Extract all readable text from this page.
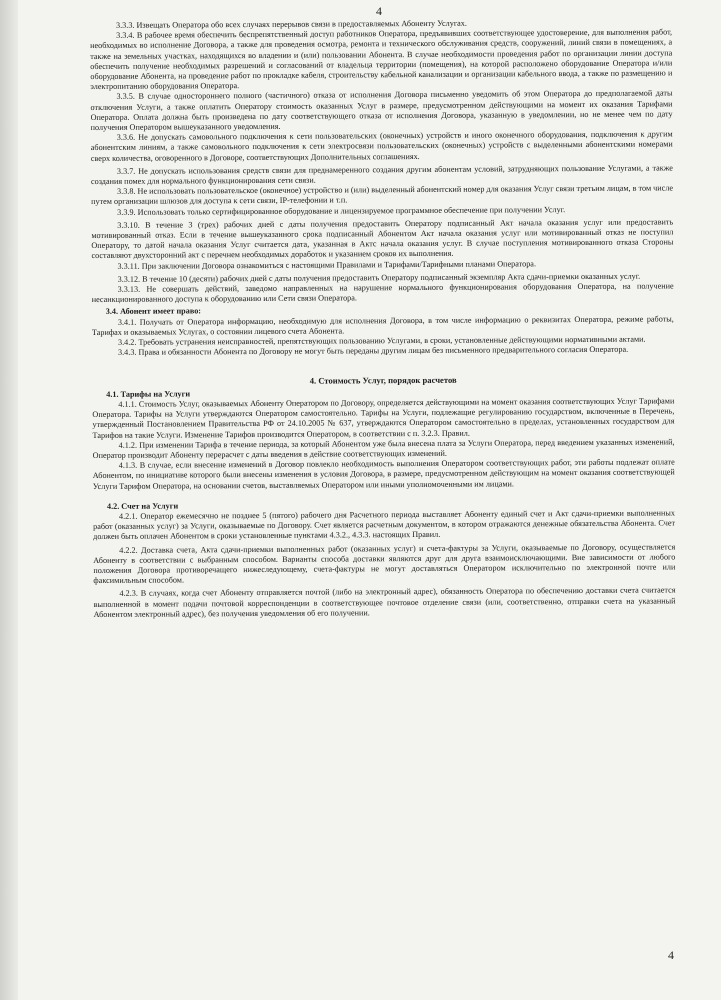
4

3.3.3. Извещать Оператора обо всех случаях перерывов связи в предоставляемых Абоненту Услугах.

3.3.4. В рабочее время обеспечить беспрепятственный доступ работников Оператора, предъявивших соответствующее удостоверение, для выполнения работ, необходимых во исполнение Договора, а также для проведения осмотра, ремонта и технического обслуживания средств, сооружений, линий связи в помещениях, а также на земельных участках, находящихся во владении и (или) пользовании Абонента. В случае необходимости проведения работ по организации линии доступа обеспечить получение необходимых разрешений и согласований от владельца территории (помещения), на которой расположено оборудование Оператора и/или оборудование Абонента, на проведение работ по прокладке кабеля, строительству кабельной канализации и организации кабельного ввода, а также по размещению и электропитанию оборудования Оператора.

3.3.5. В случае одностороннего полного (частичного) отказа от исполнения Договора письменно уведомить об этом Оператора до предполагаемой даты отключения Услуги, а также оплатить Оператору стоимость оказанных Услуг в размере, предусмотренном действующими на момент их оказания Тарифами Оператора. Оплата должна быть произведена по дату соответствующего отказа от исполнения Договора, указанную в уведомлении, но не менее чем по дату получения Оператором вышеуказанного уведомления.

3.3.6. Не допускать самовольного подключения к сети пользовательских (оконечных) устройств и иного оконечного оборудования, подключения к другим абонентским линиям, а также самовольного подключения к сети электросвязи пользовательских (оконечных) устройств с выделенными абонентскими номерами сверх количества, оговоренного в Договоре, соответствующих Дополнительных соглашениях.

3.3.7. Не допускать использования средств связи для преднамеренного создания другим абонентам условий, затрудняющих пользование Услугами, а также создания помех для нормального функционирования сети связи.

3.3.8. Не использовать пользовательское (оконечное) устройство и (или) выделенный абонентский номер для оказания Услуг связи третьим лицам, в том числе путем организации шлюзов для доступа к сети связи, IP-телефонии и т.п.

3.3.9. Использовать только сертифицированное оборудование и лицензируемое программное обеспечение при получении Услуг.

3.3.10. В течение 3 (трех) рабочих дней с даты получения предоставить Оператору подписанный Акт начала оказания услуг или предоставить мотивированный отказ. Если в течение вышеуказанного срока подписанный Абонентом Акт начала оказания услуг или мотивированный отказ не поступил Оператору, то датой начала оказания Услуг считается дата, указанная в Актс начала оказания услуг. В случае поступления мотивированного отказа Стороны составляют двухсторонний акт с перечнем необходимых доработок и указанием сроков их выполнения.

3.3.11. При заключении Договора ознакомиться с настоящими Правилами и Тарифами/Тарифными планами Оператора.

3.3.12. В течение 10 (десяти) рабочих дней с даты получения предоставить Оператору подписанный экземпляр Акта сдачи-приемки оказанных услуг.

3.3.13. Не совершать действий, заведомо направленных на нарушение нормального функционирования оборудования Оператора, на получение несанкционированного доступа к оборудованию или Сети связи Оператора.

3.4. Абонент имеет право:

3.4.1. Получать от Оператора информацию, необходимую для исполнения Договора, в том числе информацию о реквизитах Оператора, режиме работы, Тарифах и оказываемых Услугах, о состоянии лицевого счета Абонента.

3.4.2. Требовать устранения неисправностей, препятствующих пользованию Услугами, в сроки, установленные действующими нормативными актами.

3.4.3. Права и обязанности Абонента по Договору не могут быть переданы другим лицам без письменного предварительного согласия Оператора.

4. Стоимость Услуг, порядок расчетов

4.1. Тарифы на Услуги

4.1.1. Стоимость Услуг, оказываемых Абоненту Оператором по Договору, определяется действующими на момент оказания соответствующих Услуг Тарифами Оператора. Тарифы на Услуги утверждаются Оператором самостоятельно. Тарифы на Услуги, подлежащие регулированию государством, включенные в Перечень, утвержденный Постановлением Правительства РФ от 24.10.2005 № 637, утверждаются Оператором самостоятельно в пределах, установленных государством для Тарифов на такие Услуги. Изменение Тарифов производится Оператором, в соответствии с п. 3.2.3. Правил.

4.1.2. При изменении Тарифа в течение периода, за который Абонентом уже была внесена плата за Услуги Оператора, перед введением указанных изменений, Оператор производит Абоненту перерасчет с даты введения в действие соответствующих изменений.

4.1.3. В случае, если внесение изменений в Договор повлекло необходимость выполнения Оператором соответствующих работ, эти работы подлежат оплате Абонентом, по инициативе которого были внесены изменения в условия Договора, в размере, предусмотренном действующим на момент оказания соответствующей Услуги Тарифом Оператора, на основании счетов, выставляемых Оператором или иными уполномоченными им лицами.

4.2. Счет на Услуги

4.2.1. Оператор ежемесячно не позднее 5 (пятого) рабочего дня Расчетного периода выставляет Абоненту единый счет и Акт сдачи-приемки выполненных работ (оказанных услуг) за Услуги, оказываемые по Договору. Счет является расчетным документом, в котором отражаются денежные обязательства Абонента. Счет должен быть оплачен Абонентом в сроки установленные пунктами 4.3.2., 4.3.3. настоящих Правил.

4.2.2. Доставка счета, Акта сдачи-приемки выполненных работ (оказанных услуг) и счета-фактуры за Услуги, оказываемые по Договору, осуществляется Абоненту в соответствии с выбранным способом. Варианты способа доставки являются друг для друга взаимоисключающими. Вне зависимости от любого положения Договора противоречащего нижеследующему, счета-фактуры не могут доставляться Оператором исключительно по электронной почте или факсимильным способом.

4.2.3. В случаях, когда счет Абоненту отправляется почтой (либо на электронный адрес), обязанность Оператора по обеспечению доставки счета считается выполненной в момент подачи почтовой корреспонденции в соответствующее почтовое отделение связи (или, соответственно, отправки счета на указанный Абонентом электронный адрес), без получения уведомления об его получении.

4
